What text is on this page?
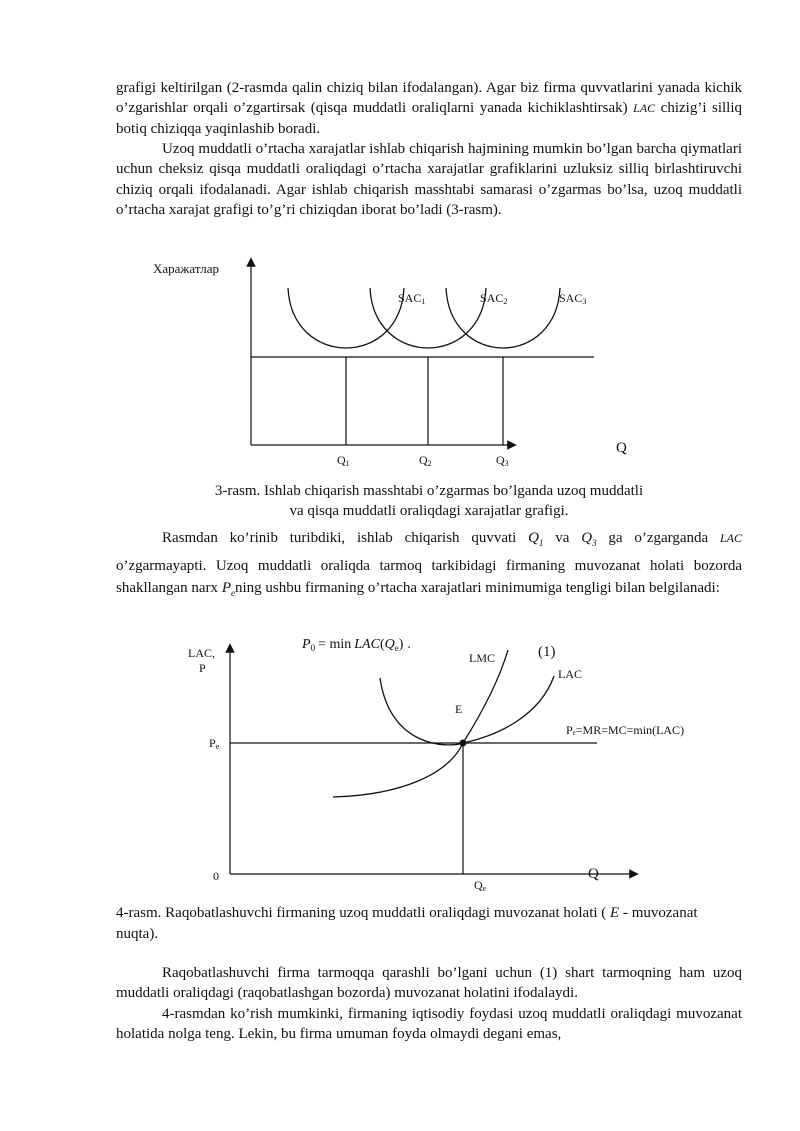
grafigi keltirilgan (2-rasmda qalin chiziq bilan ifodalangan). Agar biz firma quvvatlarini yanada kichik o’zgarishlar orqali o’zgartirsak (qisqa muddatli oraliqlarni yanada kichiklashtirsak) LAC chizig’i silliq botiq chiziqqa yaqinlashib boradi.

Uzoq muddatli o’rtacha xarajatlar ishlab chiqarish hajmining mumkin bo’lgan barcha qiymatlari uchun cheksiz qisqa muddatli oraliqdagi o’rtacha xarajatlar grafiklarini uzluksiz silliq birlashtiruvchi chiziq orqali ifodalanadi. Agar ishlab chiqarish masshtabi samarasi o’zgarmas bo’lsa, uzoq muddatli o’rtacha xarajat grafigi to’g’ri chiziqdan iborat bo’ladi (3-rasm).

Харажатлар
SAC1	SAC2	SAC3
Q1	Q2	Q3
Q

3-rasm. Ishlab chiqarish masshtabi o’zgarmas bo’lganda uzoq muddatli
va qisqa muddatli oraliqdagi xarajatlar grafigi.

Rasmdan ko’rinib turibdiki, ishlab chiqarish quvvati $Q_1$ va $Q_3$ ga o’zgarganda LAC o’zgarmayapti. Uzoq muddatli oraliqda tarmoq tarkibidagi firmaning muvozanat holati bozorda shakllangan narx $P_ening$ ushbu firmaning o’rtacha xarajatlari minimumiga tengligi bilan belgilanadi:

LAC,
P
0	Q
$P_0 = \min LAC(Q_e)$ .	(1)
LMC
LAC
E
Pe
Qe
Pₑ=MR=MC=min(LAC)

4-rasm. Raqobatlashuvchi firmaning uzoq muddatli oraliqdagi muvozanat holati ( E - muvozanat nuqta).

Raqobatlashuvchi firma tarmoqqa qarashli bo’lgani uchun (1) shart tarmoqning ham uzoq muddatli oraliqdagi (raqobatlashgan bozorda) muvozanat holatini ifodalaydi.

4-rasmdan ko’rish mumkinki, firmaning iqtisodiy foydasi uzoq muddatli oraliqdagi muvozanat holatida nolga teng. Lekin, bu firma umuman foyda olmaydi degani emas,
